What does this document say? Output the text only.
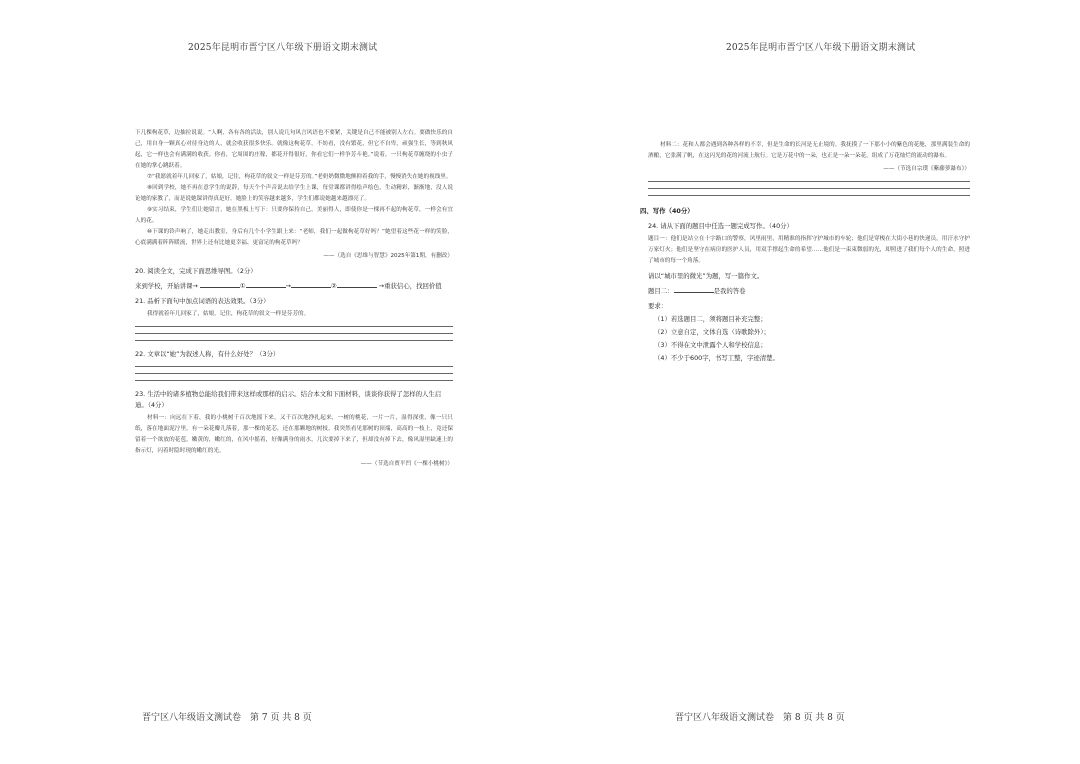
2025年昆明市晋宁区八年级下册语文期末测试

下几棵枸花草，边抽拉说说。“人啊，各有各的活法，别人说几句风言风语也不要紧，关键是自己不能被别人左右。要做快乐的自己，用自身一颗真心对待身边的人，就会收获很多快乐。就像这枸花草，不妨看，没有繁花，但它不自卑，顽强生长，等到秋风起，它一样也会有满满的收获。你看，它周围的庄稼，都花开得很好，你看它们一样争芳斗艳。”说着，一只枸花草缠绕的小虫子在她的掌心跳跃着。

⑦“我愿就着年几回家了，姑娘，记住，枸花草的叙文一样是芬芳的。”老奶奶微微地颤抑着我的手，慢慢消失在她的视线里。

⑧回到学校，她不再在意学生的说辞，每天个个声音说去给学生上课，每堂课都讲得绘声绘色，生动精彩，渐渐地，没人说论她的家教了，而是说她课讲得真是好。她脸上的笑容越来越多，学生们都说她越来越漂亮了。

⑨实习结束，学生们让她留言，她在黑板上写下：只要你保持自己，美丽得人，即使你是一棵再不起的枸花草，一样会有宜人的花。

⑩下课的铃声响了，她走出教室，身后有几个小学生跟上来：“老师，我们一起做枸花草好吗？”她望着这些花一样的笑脸，心底满满着阵阵暖流，世界上还有比她更幸福、更富足的枸花草吗？

——（选自《思维与智慧》2025年第1期，有删改）

20. 阅读全文，完成下面思维导图。（2分）
来到学校，开始讲课→	①	→	②	→重获信心，找回价值
21. 品析下面句中加点词语的表达效果。（3分）

我得就着年几回家了，姑娘，记住，枸花草的叙文一样是芬芳的。

22. 文章以“她”为叙述人称，有什么好处？（3分）
23. 生活中的诸多植物总能给我们带来这样或那样的启示。结合本文和下面材料，谈谈你获得了怎样的人生启迪。（4分）

材料一：向远在下着，我的小桃树千百次地摇下来，又千百次地挣扎起来，一树的桃花，一片一片，湿得深重，像一只只纸，落在地面泥泞里，有一朵花瓣儿落着，那一棵的花芯，还在那颗地的树枝，我突然看见那树的顶端，高高的一枝上，竟还保留着一个欲放的花苞，嫩黄的，嫩红的，在风中摇着，好像满身的雨水，几次要掉下来了，但却没有掉下去，像风湿里缺速上的指示灯，闪着时隐时现的嫩红的光。

——（节选自贾平凹《一棵小桃树》）

晋宁区八年级语文测试卷　第 7 页 共 8 页
2025年昆明市晋宁区八年级下册语文期末测试

材料二：花和人都会遇到各种各样的不幸，但是生命的长河是无止境的。我抚摸了一下那小小的紫色的花舱，那里满装生命的酒酿，它张满了帆，在这闪光的花的河流上航行。它是万花中的一朵，也正是一朵一朵花，组成了万花灿烂的流动的瀑布。

——（节选自宗璞《紫藤萝瀑布》）

四、写作（40分）
24. 请从下面的题目中任选一题完成写作。（40分）

题目一：他们是站立在十字路口的警察，风里雨里，用精准的指挥守护城市的车轮；他们是穿梭在大街小巷的快递员，用汗水守护万家灯火；他们是坚守在病房的医护人员，用双手撑起生命的希望……他们是一束束微弱的光，却照进了我们每个人的生命，照进了城市的每一个角落。

请以“城市里的微光”为题，写一篇作文。
题目二：	是我的答卷
要求：
（1）若选题目二，须将题目补充完整；
（2）立意自定，文体自选（诗歌除外）；
（3）不得在文中泄露个人和学校信息；
（4）不少于600字，书写工整，字迹清楚。
晋宁区八年级语文测试卷　第 8 页 共 8 页
